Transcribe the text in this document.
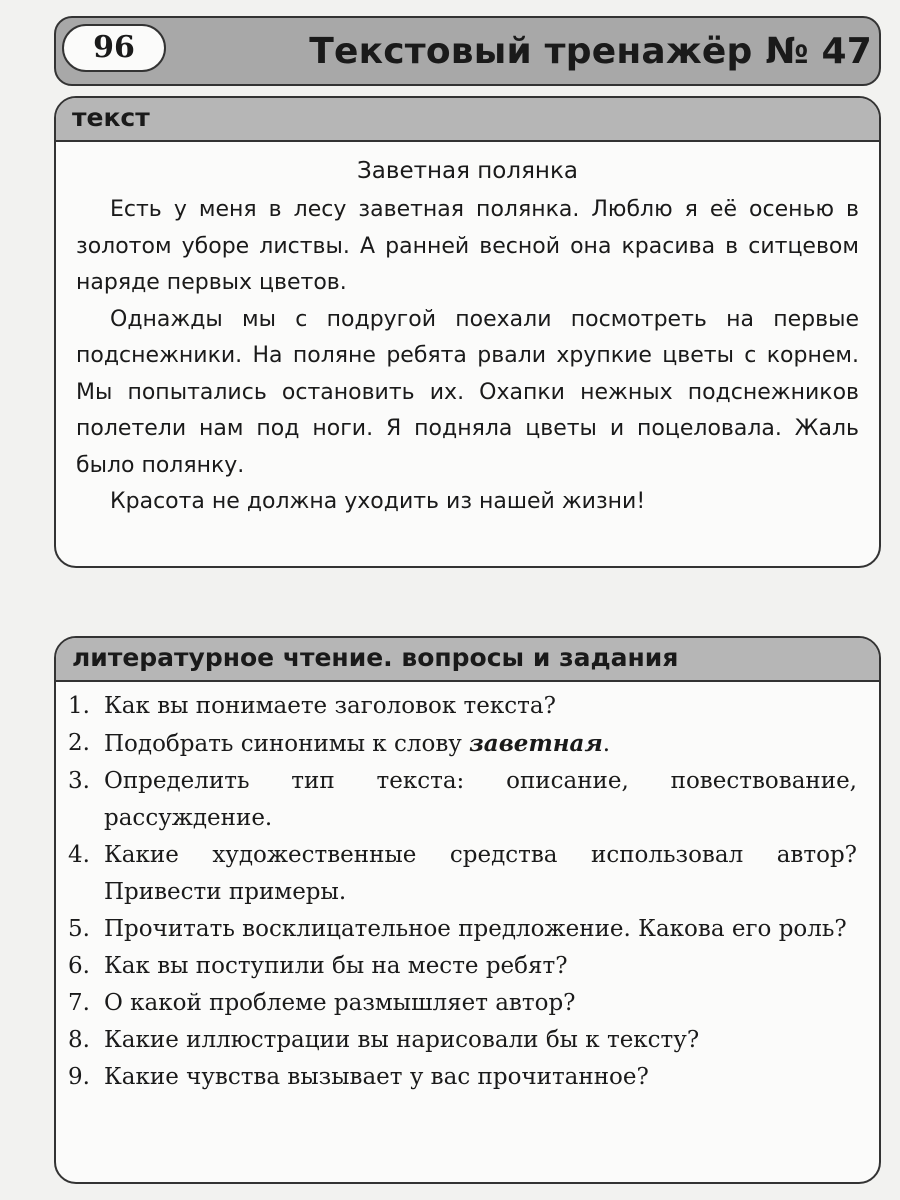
96	Текстовый тренажёр № 47
текст
Заветная полянка

Есть у меня в лесу заветная полянка. Люблю я её осенью в золотом уборе листвы. А ранней весной она красива в ситцевом наряде первых цветов.

Однажды мы с подругой поехали посмотреть на первые подснежники. На поляне ребята рвали хрупкие цветы с корнем. Мы попытались остановить их. Охапки нежных подснежников полетели нам под ноги. Я подняла цветы и поцеловала. Жаль было полянку.

Красота не должна уходить из нашей жизни!

литературное чтение. вопросы и задания
1. Как вы понимаете заголовок текста?
2. Подобрать синонимы к слову заветная.
3. Определить тип текста: описание, повествование, рассуждение.
4. Какие художественные средства использовал автор? Привести примеры.
5. Прочитать восклицательное предложение. Какова его роль?
6. Как вы поступили бы на месте ребят?
7. О какой проблеме размышляет автор?
8. Какие иллюстрации вы нарисовали бы к тексту?
9. Какие чувства вызывает у вас прочитанное?
